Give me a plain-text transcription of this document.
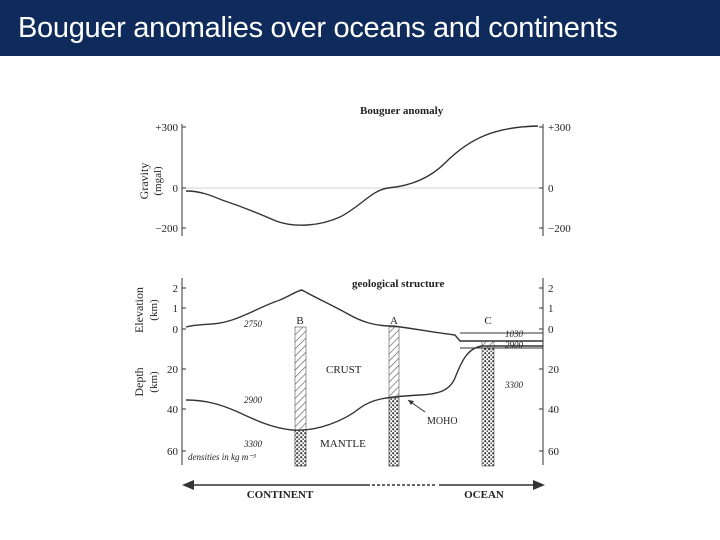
Bouguer anomalies over oceans and continents
Bouguer anomaly
+300
0
−200
+300
0
−200
Gravity (mgal)
geological structure
2
1
0
20
40
60
2
1
0
20
40
60
Elevation (km)
Depth (km)
B	A	C
CRUST
MANTLE
MOHO
2750
1030
2900
3300
2900
3300
densities in kg m⁻³
CONTINENT	OCEAN
